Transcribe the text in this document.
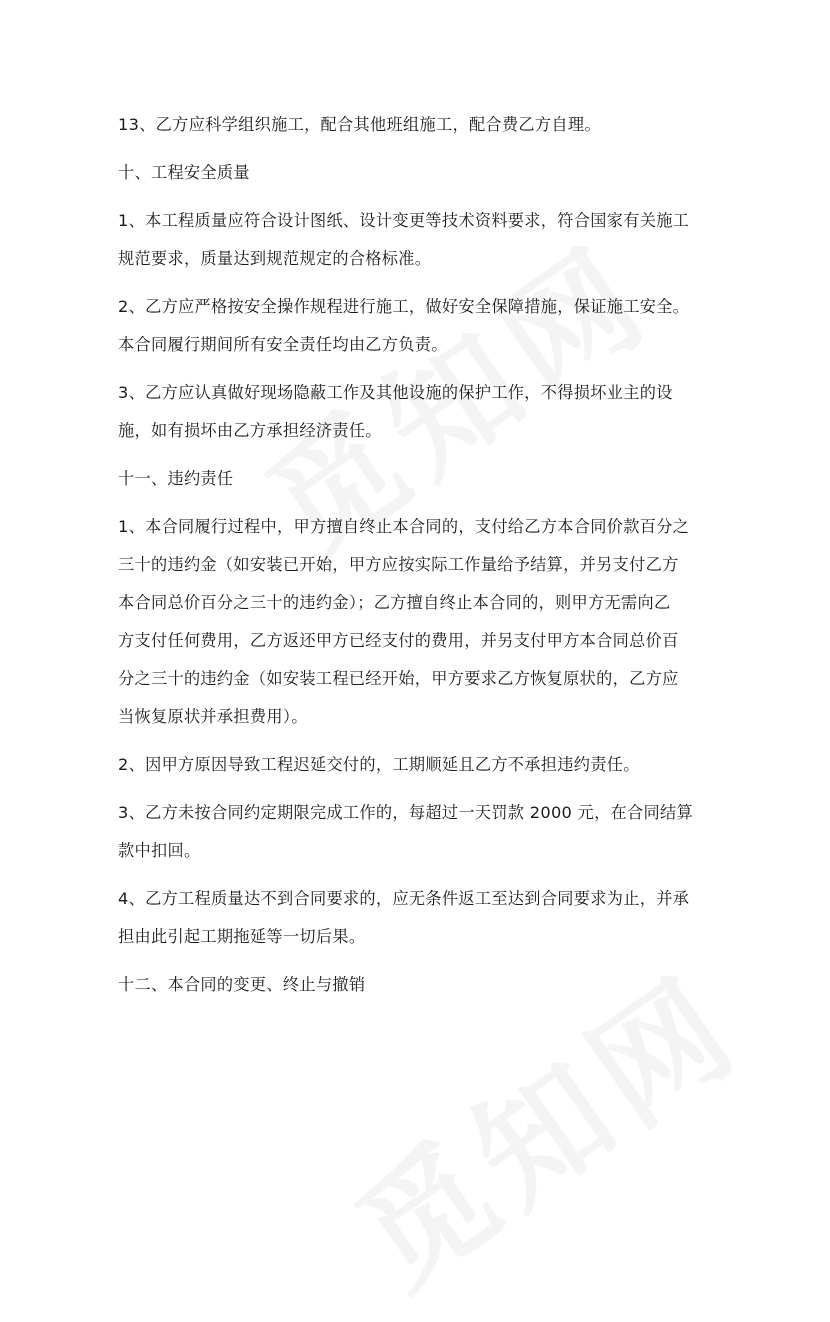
13、乙方应科学组织施工，配合其他班组施工，配合费乙方自理。
十、工程安全质量
1、本工程质量应符合设计图纸、设计变更等技术资料要求，符合国家有关施工
规范要求，质量达到规范规定的合格标准。
2、乙方应严格按安全操作规程进行施工，做好安全保障措施，保证施工安全。
本合同履行期间所有安全责任均由乙方负责。
3、乙方应认真做好现场隐蔽工作及其他设施的保护工作，不得损坏业主的设
施，如有损坏由乙方承担经济责任。
十一、违约责任
1、本合同履行过程中，甲方擅自终止本合同的，支付给乙方本合同价款百分之
三十的违约金（如安装已开始，甲方应按实际工作量给予结算，并另支付乙方
本合同总价百分之三十的违约金）；乙方擅自终止本合同的，则甲方无需向乙
方支付任何费用，乙方返还甲方已经支付的费用，并另支付甲方本合同总价百
分之三十的违约金（如安装工程已经开始，甲方要求乙方恢复原状的，乙方应
当恢复原状并承担费用）。
2、因甲方原因导致工程迟延交付的，工期顺延且乙方不承担违约责任。
3、乙方未按合同约定期限完成工作的，每超过一天罚款 2000 元，在合同结算
款中扣回。
4、乙方工程质量达不到合同要求的，应无条件返工至达到合同要求为止，并承
担由此引起工期拖延等一切后果。
十二、本合同的变更、终止与撤销
